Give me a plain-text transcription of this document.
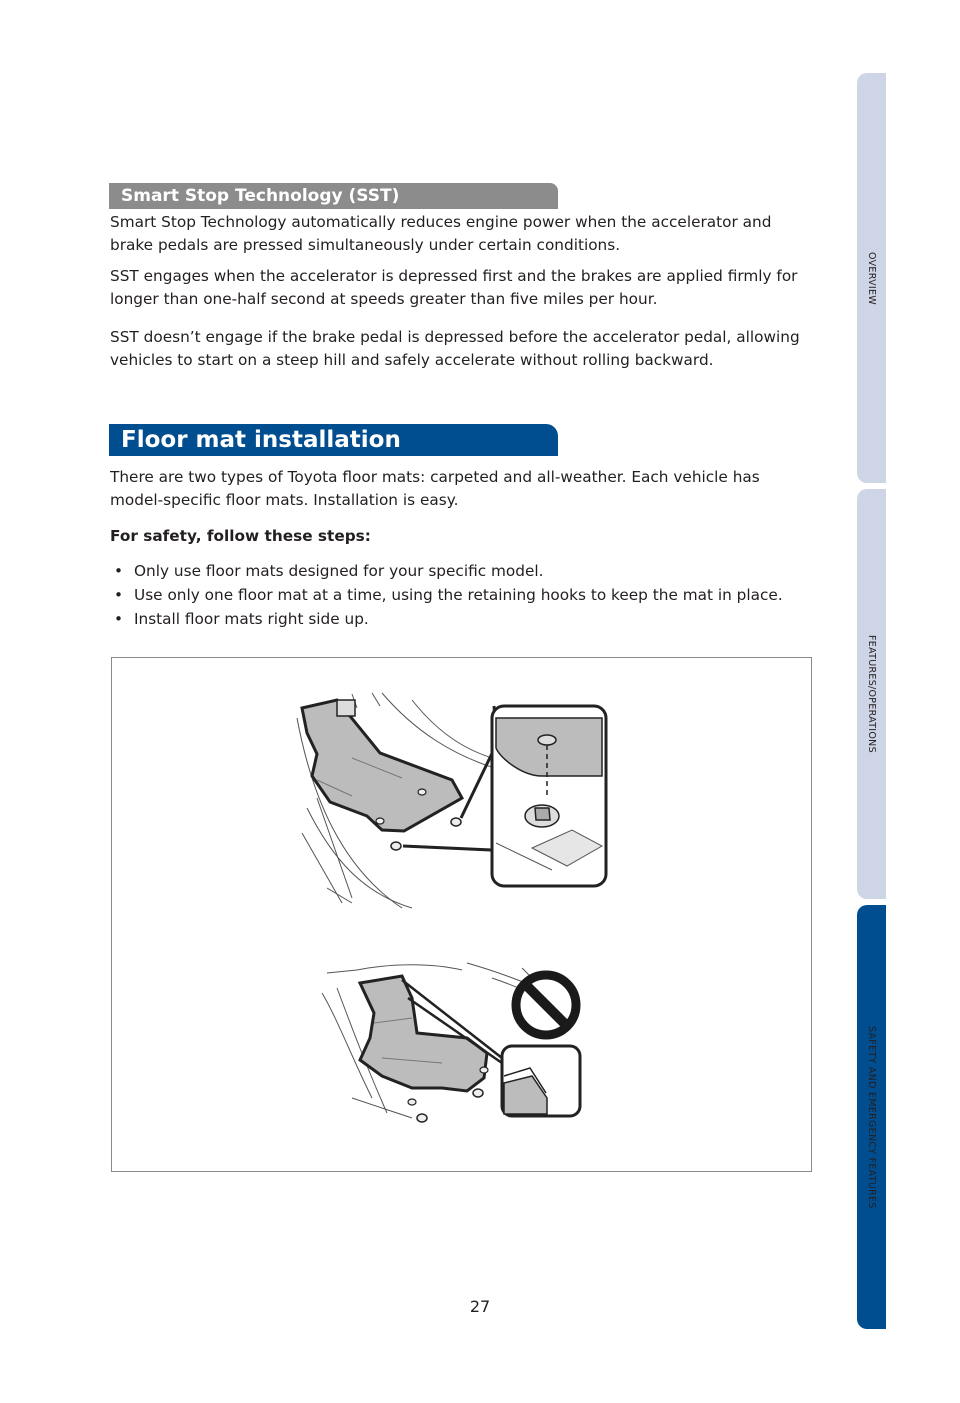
Smart Stop Technology (SST)

Smart Stop Technology automatically reduces engine power when the accelerator and brake pedals are pressed simultaneously under certain conditions.

SST engages when the accelerator is depressed first and the brakes are applied firmly for longer than one-half second at speeds greater than five miles per hour.

SST doesn’t engage if the brake pedal is depressed before the accelerator pedal, allowing vehicles to start on a steep hill and safely accelerate without rolling backward.

Floor mat installation

There are two types of Toyota floor mats: carpeted and all-weather. Each vehicle has model-specific floor mats. Installation is easy.

For safety, follow these steps:

• Only use floor mats designed for your specific model.
• Use only one floor mat at a time, using the retaining hooks to keep the mat in place.
• Install floor mats right side up.
OVERVIEW
FEATURES/OPERATIONS
SAFETY AND EMERGENCY FEATURES
27
